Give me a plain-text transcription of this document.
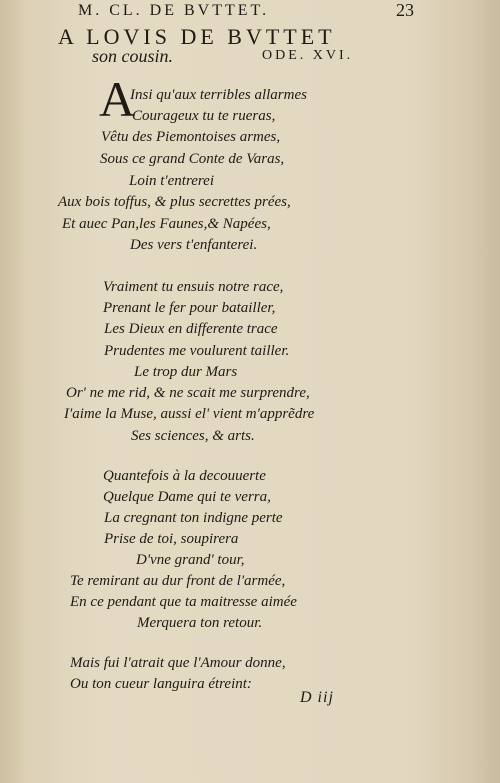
M. CL. DE BVTTET.	23
A LOVIS DE BVTTET
son cousin.	ODE. XVI.
A
Insi qu'aux terribles allarmes
Courageux tu te rueras,
Vêtu des Piemontoises armes,
Sous ce grand Conte de Varas,
Loin t'entrerei
Aux bois toffus, & plus secrettes prées,
Et auec Pan,les Faunes,& Napées,
Des vers t'enfanterei.
Vraiment tu ensuis notre race,
Prenant le fer pour batailler,
Les Dieux en differente trace
Prudentes me voulurent tailler.
Le trop dur Mars
Or' ne me rid, & ne scait me surprendre,
I'aime la Muse, aussi el' vient m'apprẽdre
Ses sciences, & arts.
Quantefois à la decouuerte
Quelque Dame qui te verra,
La cregnant ton indigne perte
Prise de toi, soupirera
D'vne grand' tour,
Te remirant au dur front de l'armée,
En ce pendant que ta maitresse aimée
Merquera ton retour.
Mais fui l'atrait que l'Amour donne,
Ou ton cueur languira étreint:
D iij
